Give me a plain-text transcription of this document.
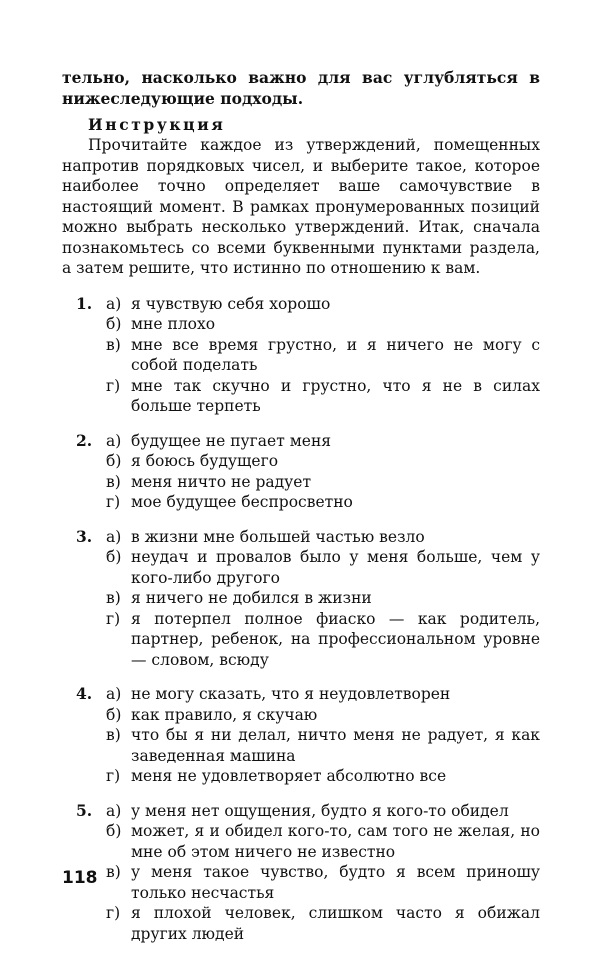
тельно, насколько важно для вас углубляться в нижеследующие подходы.

Инструкция

Прочитайте каждое из утверждений, помещенных напротив порядковых чисел, и выберите такое, которое наиболее точно определяет ваше самочувствие в настоящий момент. В рамках пронумерованных позиций можно выбрать несколько утверждений. Итак, сначала познакомьтесь со всеми буквенными пунктами раздела, а затем решите, что истинно по отношению к вам.

1. а) я чувствую себя хорошо
б) мне плохо
в) мне все время грустно, и я ничего не могу с собой поделать
г) мне так скучно и грустно, что я не в силах больше терпеть
2. а) будущее не пугает меня
б) я боюсь будущего
в) меня ничто не радует
г) мое будущее беспросветно
3. а) в жизни мне большей частью везло
б) неудач и провалов было у меня больше, чем у кого-либо другого
в) я ничего не добился в жизни
г) я потерпел полное фиаско — как родитель, партнер, ребенок, на профессиональном уровне — словом, всюду
4. а) не могу сказать, что я неудовлетворен
б) как правило, я скучаю
в) что бы я ни делал, ничто меня не радует, я как заведенная машина
г) меня не удовлетворяет абсолютно все
5. а) у меня нет ощущения, будто я кого-то обидел
б) может, я и обидел кого-то, сам того не желая, но мне об этом ничего не известно
в) у меня такое чувство, будто я всем приношу только несчастья
г) я плохой человек, слишком часто я обижал других людей
118
